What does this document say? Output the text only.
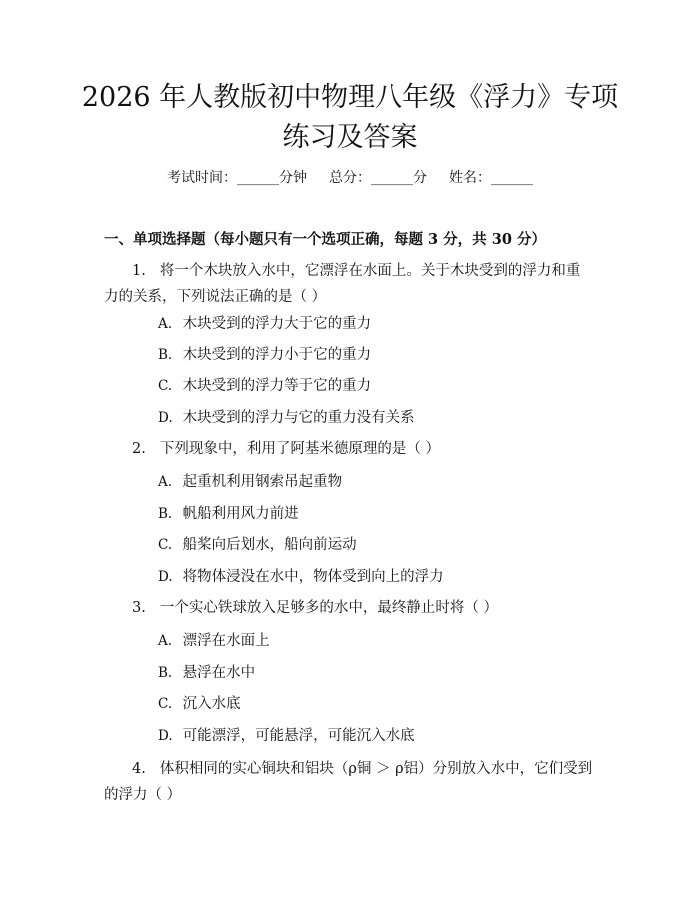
2026 年人教版初中物理八年级《浮力》专项
练习及答案
考试时间：______分钟 总分：______分 姓名：______
一、单项选择题（每小题只有一个选项正确，每题 3 分，共 30 分）
1. 将一个木块放入水中，它漂浮在水面上。关于木块受到的浮力和重力的关系，下列说法正确的是（ ）
A. 木块受到的浮力大于它的重力
B. 木块受到的浮力小于它的重力
C. 木块受到的浮力等于它的重力
D. 木块受到的浮力与它的重力没有关系
2. 下列现象中，利用了阿基米德原理的是（ ）
A. 起重机利用钢索吊起重物
B. 帆船利用风力前进
C. 船桨向后划水，船向前运动
D. 将物体浸没在水中，物体受到向上的浮力
3. 一个实心铁球放入足够多的水中，最终静止时将（ ）
A. 漂浮在水面上
B. 悬浮在水中
C. 沉入水底
D. 可能漂浮，可能悬浮，可能沉入水底
4. 体积相同的实心铜块和铝块（ρ铜 ＞ ρ铝）分别放入水中，它们受到的浮力（ ）
